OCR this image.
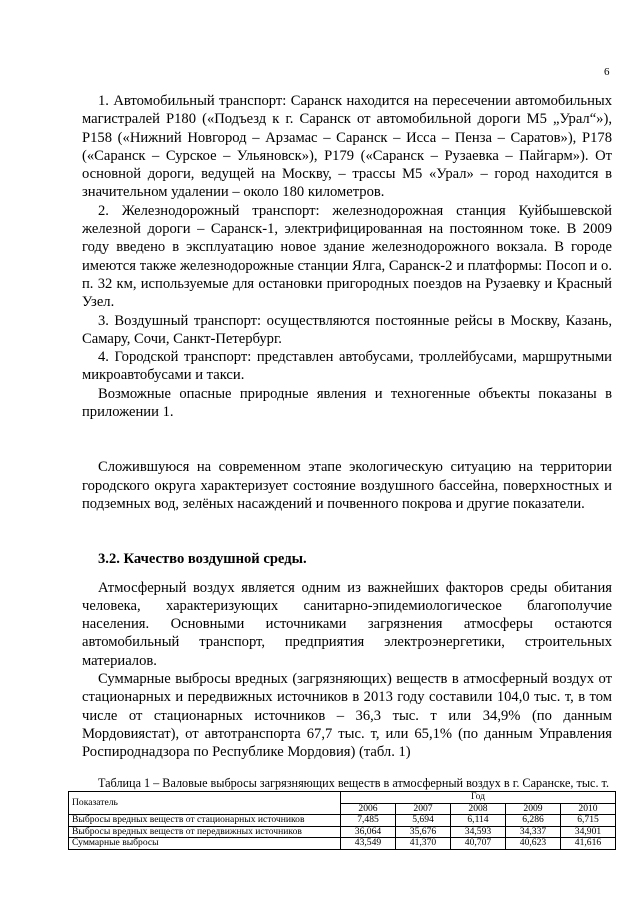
6

1. Автомобильный транспорт: Саранск находится на пересечении автомобильных магистралей Р180 («Подъезд к г. Саранск от автомобильной дороги М5 „Урал“»), Р158 («Нижний Новгород – Арзамас – Саранск – Исса – Пенза – Саратов»), Р178 («Саранск – Сурское – Ульяновск»), Р179 («Саранск – Рузаевка – Пайгарм»). От основной дороги, ведущей на Москву, – трассы М5 «Урал» – город находится в значительном удалении – около 180 километров.

2. Железнодорожный транспорт: железнодорожная станция Куйбышевской железной дороги – Саранск-1, электрифицированная на постоянном токе. В 2009 году введено в эксплуатацию новое здание железнодорожного вокзала. В городе имеются также железнодорожные станции Ялга, Саранск-2 и платформы: Посоп и о. п. 32 км, используемые для остановки пригородных поездов на Рузаевку и Красный Узел.

3. Воздушный транспорт: осуществляются постоянные рейсы в Москву, Казань, Самару, Сочи, Санкт-Петербург.

4. Городской транспорт: представлен автобусами, троллейбусами, маршрутными микроавтобусами и такси.

Возможные опасные природные явления и техногенные объекты показаны в приложении 1.

Сложившуюся на современном этапе экологическую ситуацию на территории городского округа характеризует состояние воздушного бассейна, поверхностных и подземных вод, зелёных насаждений и почвенного покрова и другие показатели.

3.2. Качество воздушной среды.

Атмосферный воздух является одним из важнейших факторов среды обитания человека, характеризующих санитарно-эпидемиологическое благополучие населения. Основными источниками загрязнения атмосферы остаются автомобильный транспорт, предприятия электроэнергетики, строительных материалов.

Суммарные выбросы вредных (загрязняющих) веществ в атмосферный воздух от стационарных и передвижных источников в 2013 году составили 104,0 тыс. т, в том числе от стационарных источников – 36,3 тыс. т или 34,9% (по данным Мордовиястат), от автотранспорта 67,7 тыс. т, или 65,1% (по данным Управления Роспироднадзора по Республике Мордовия) (табл. 1)

Таблица 1 – Валовые выбросы загрязняющих веществ в атмосферный воздух в г. Саранске, тыс. т.
Показатель	Год				
	2006	2007	2008	2009	2010
Выбросы вредных веществ от стационарных источников	7,485	5,694	6,114	6,286	6,715
Выбросы вредных веществ от передвижных источников	36,064	35,676	34,593	34,337	34,901
Суммарные выбросы	43,549	41,370	40,707	40,623	41,616
